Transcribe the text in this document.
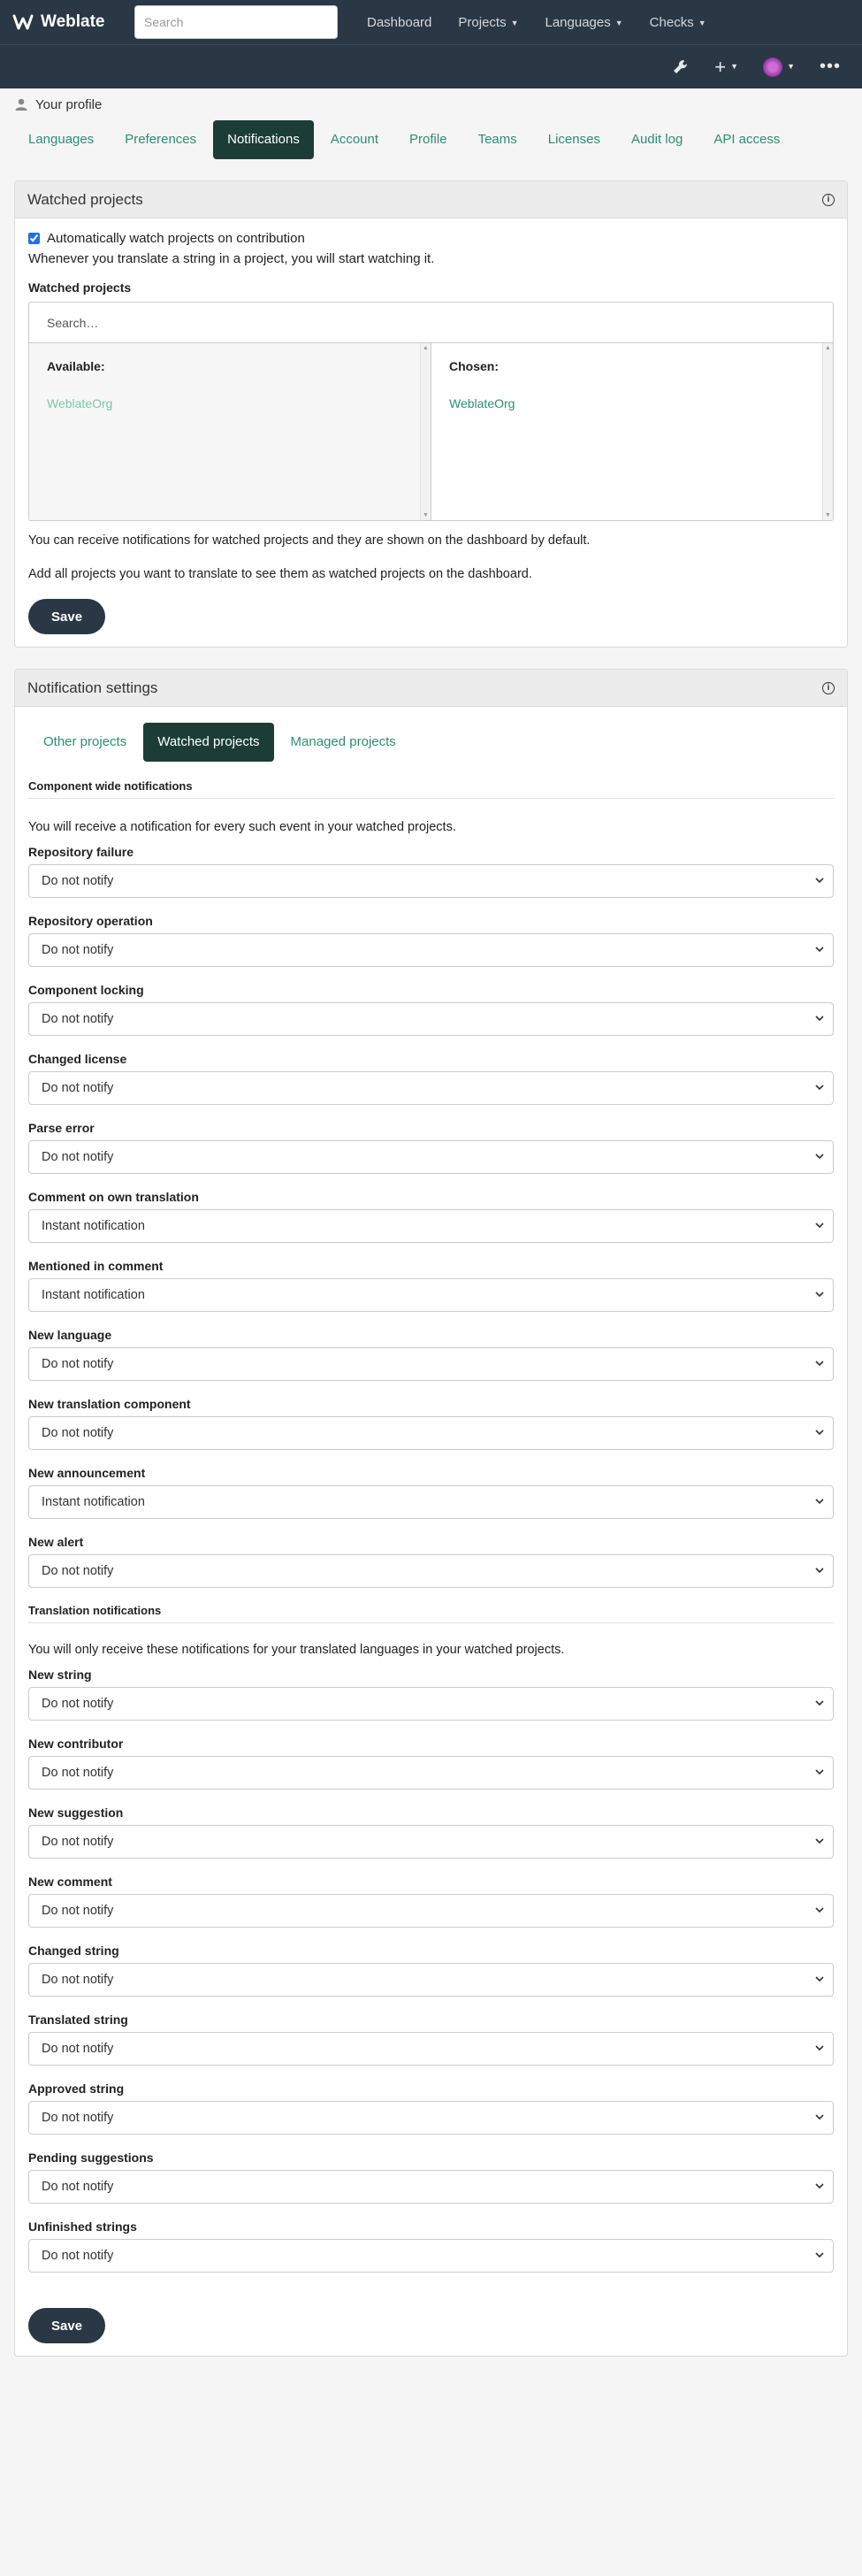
Weblate	Search	Dashboard	Projects ▼	Languages ▼	Checks ▼
+ ▼	▼ •••
Your profile
Languages	Preferences	Notifications	Account	Profile	Teams	Licenses	Audit log	API access
Watched projects	i
Automatically watch projects on contribution
Whenever you translate a string in a project, you will start watching it.
Watched projects
Search…
Available:
WeblateOrg
▲ ▼
Chosen:
WeblateOrg
▲ ▼
You can receive notifications for watched projects and they are shown on the dashboard by default.
Add all projects you want to translate to see them as watched projects on the dashboard.
Save
Notification settings	i
Other projects	Watched projects	Managed projects
Component wide notifications
You will receive a notification for every such event in your watched projects.
Repository failure
Do not notify
Repository operation
Do not notify
Component locking
Do not notify
Changed license
Do not notify
Parse error
Do not notify
Comment on own translation
Instant notification
Mentioned in comment
Instant notification
New language
Do not notify
New translation component
Do not notify
New announcement
Instant notification
New alert
Do not notify
Translation notifications
You will only receive these notifications for your translated languages in your watched projects.
New string
Do not notify
New contributor
Do not notify
New suggestion
Do not notify
New comment
Do not notify
Changed string
Do not notify
Translated string
Do not notify
Approved string
Do not notify
Pending suggestions
Do not notify
Unfinished strings
Do not notify
Save
